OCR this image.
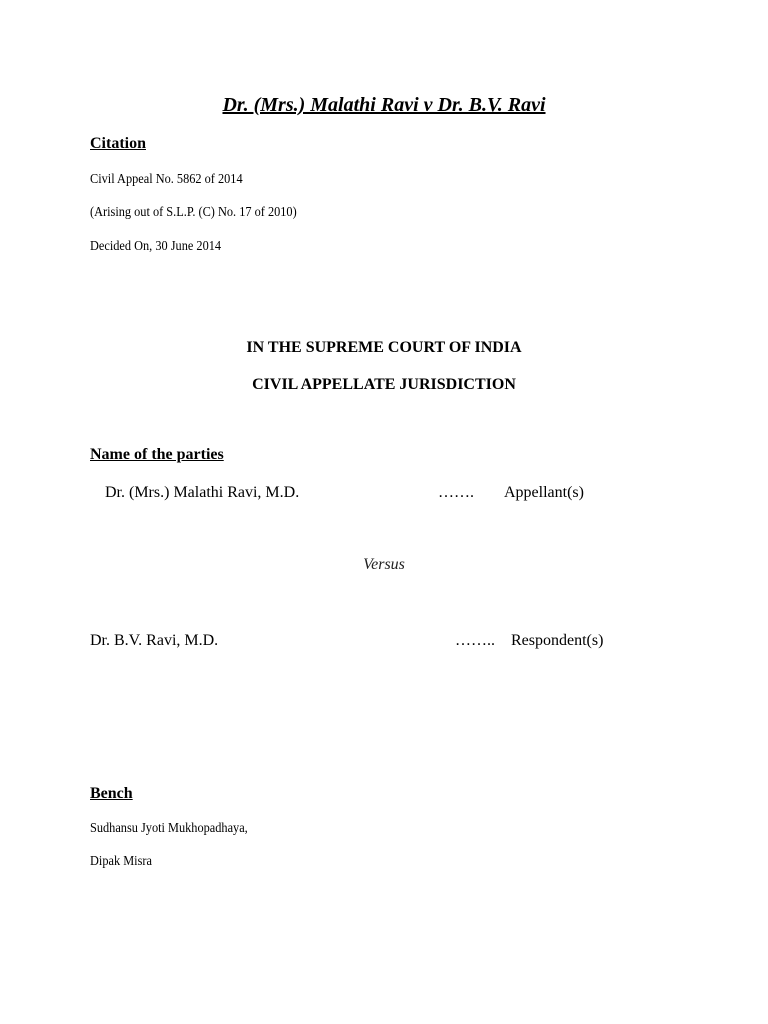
Dr. (Mrs.) Malathi Ravi v Dr. B.V. Ravi
Citation
Civil Appeal No. 5862 of 2014
(Arising out of S.L.P. (C) No. 17 of 2010)
Decided On, 30 June 2014
IN THE SUPREME COURT OF INDIA
CIVIL APPELLATE JURISDICTION
Name of the parties
Dr. (Mrs.) Malathi Ravi, M.D.	……. Appellant(s)
Versus
Dr. B.V. Ravi, M.D.	…….. Respondent(s)
Bench
Sudhansu Jyoti Mukhopadhaya,
Dipak Misra
